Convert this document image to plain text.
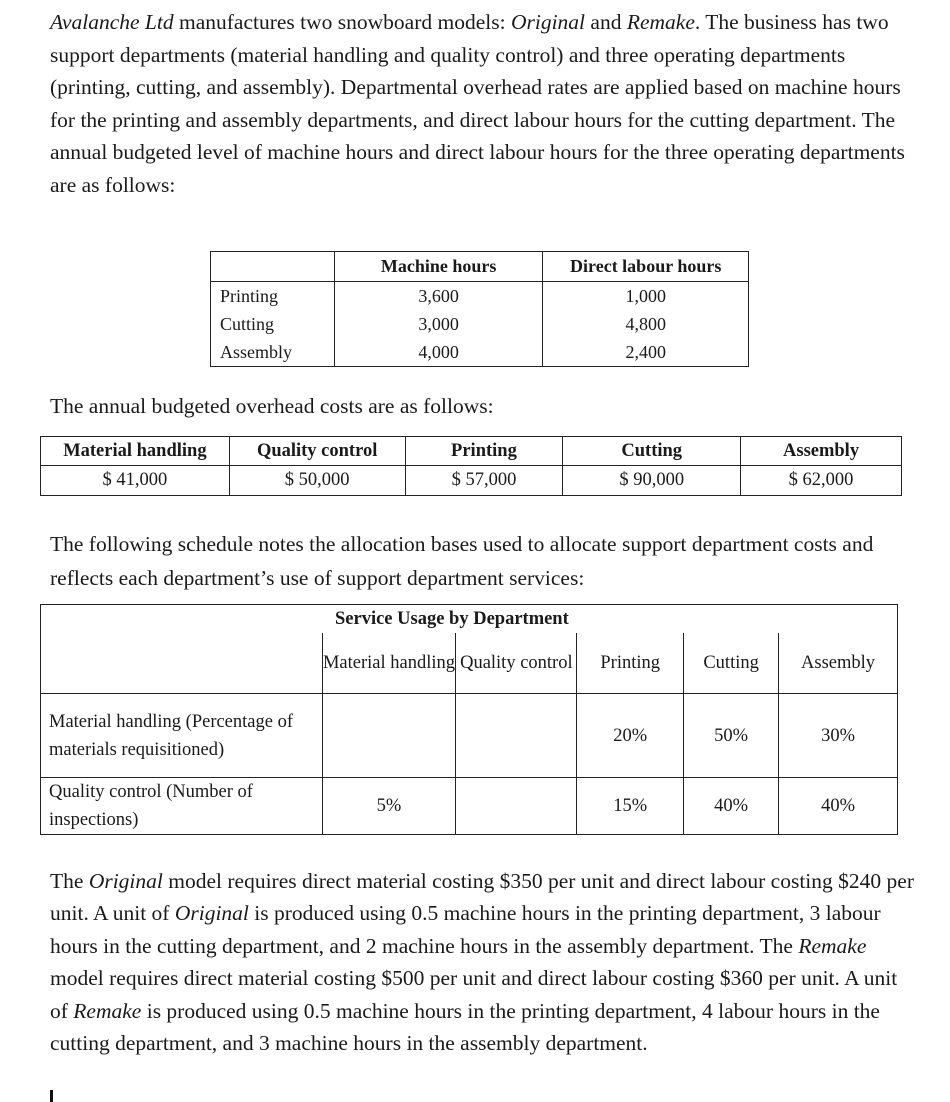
Avalanche Ltd manufactures two snowboard models: Original and Remake. The business has two support departments (material handling and quality control) and three operating departments (printing, cutting, and assembly). Departmental overhead rates are applied based on machine hours for the printing and assembly departments, and direct labour hours for the cutting department. The annual budgeted level of machine hours and direct labour hours for the three operating departments are as follows:

	Machine hours	Direct labour hours
Printing	3,600	1,000
Cutting	3,000	4,800
Assembly	4,000	2,400

The annual budgeted overhead costs are as follows:

Material handling	Quality control	Printing	Cutting	Assembly
$ 41,000	$ 50,000	$ 57,000	$ 90,000	$ 62,000

The following schedule notes the allocation bases used to allocate support department costs and reflects each department’s use of support department services:

Service Usage by Department					
	Material handling	Quality control	Printing	Cutting	Assembly
Material handling (Percentage of materials requisitioned)			20%	50%	30%
Quality control (Number of inspections)	5%		15%	40%	40%

The Original model requires direct material costing $350 per unit and direct labour costing $240 per unit. A unit of Original is produced using 0.5 machine hours in the printing department, 3 labour hours in the cutting department, and 2 machine hours in the assembly department. The Remake model requires direct material costing $500 per unit and direct labour costing $360 per unit. A unit of Remake is produced using 0.5 machine hours in the printing department, 4 labour hours in the cutting department, and 3 machine hours in the assembly department.
